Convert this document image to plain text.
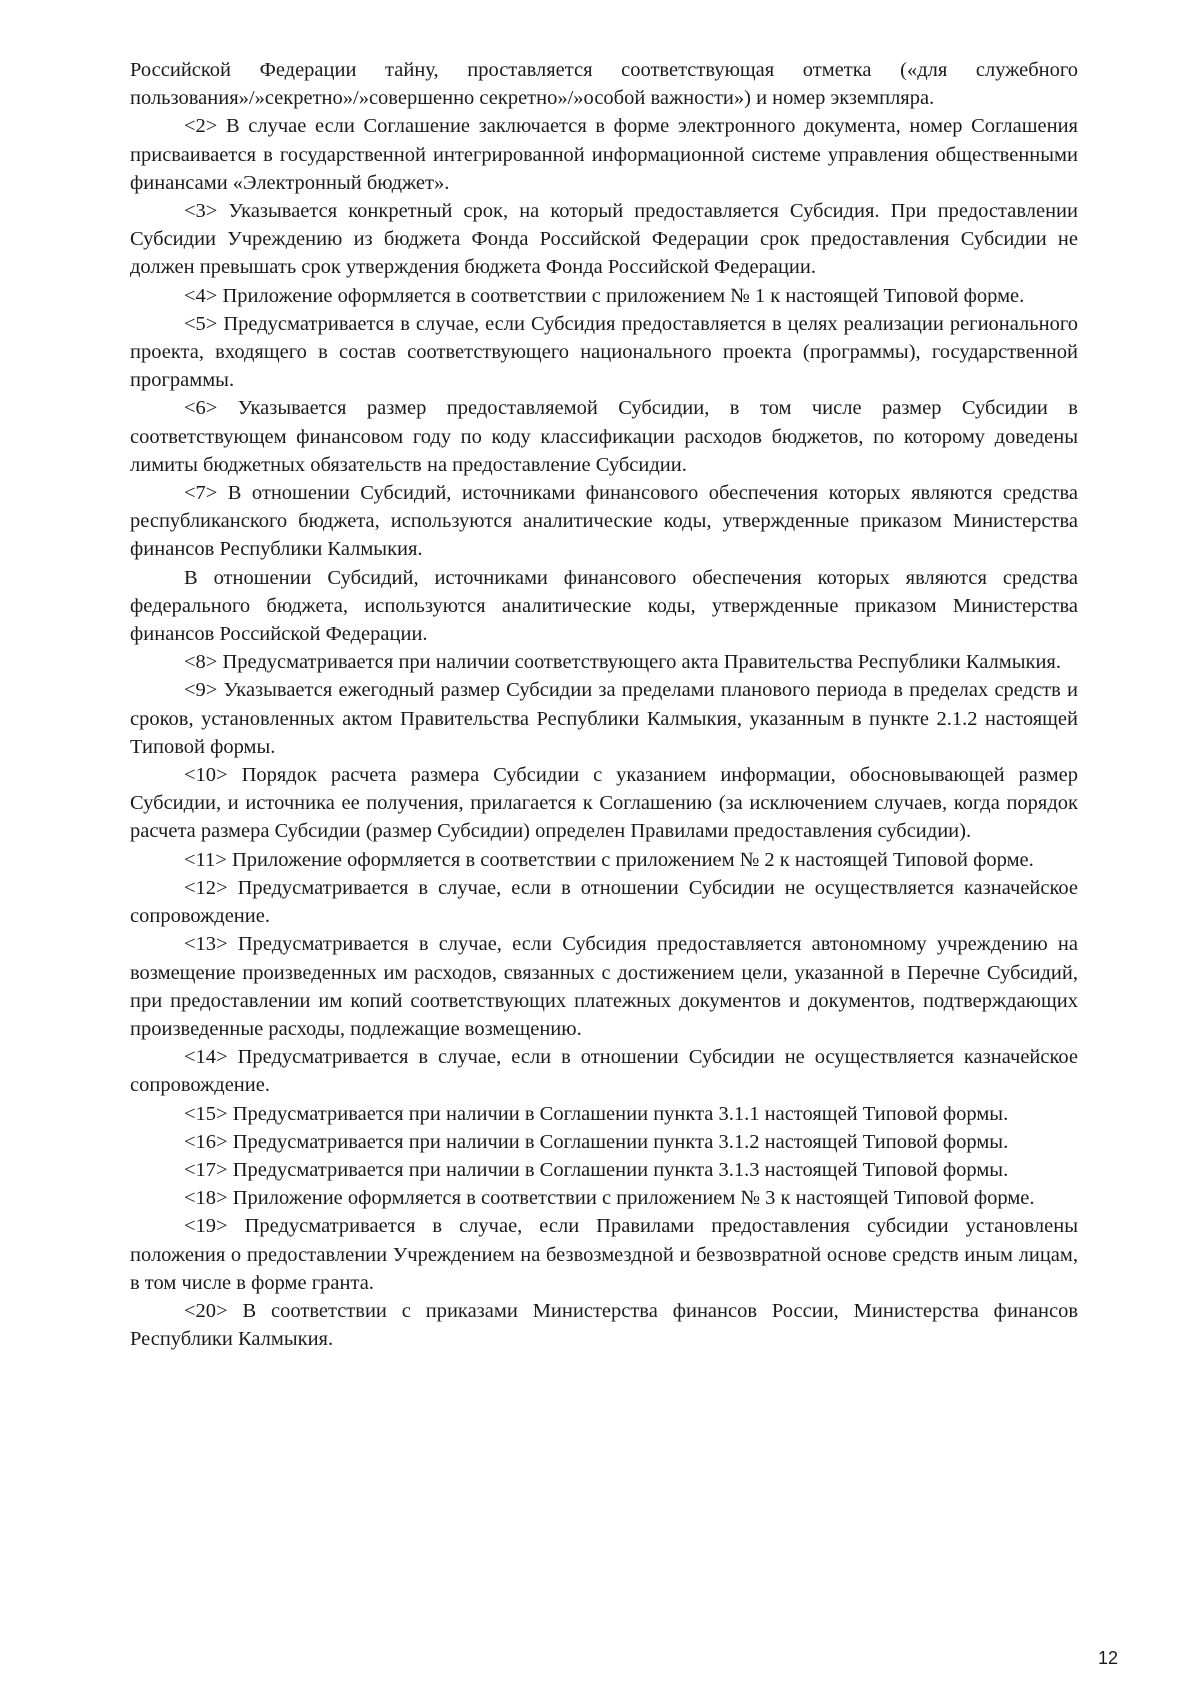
Российской Федерации тайну, проставляется соответствующая отметка («для служебного пользования»/»секретно»/»совершенно секретно»/»особой важности») и номер экземпляра.

<2> В случае если Соглашение заключается в форме электронного документа, номер Соглашения присваивается в государственной интегрированной информационной системе управления общественными финансами «Электронный бюджет».

<3> Указывается конкретный срок, на который предоставляется Субсидия. При предоставлении Субсидии Учреждению из бюджета Фонда Российской Федерации срок предоставления Субсидии не должен превышать срок утверждения бюджета Фонда Российской Федерации.

<4> Приложение оформляется в соответствии с приложением № 1 к настоящей Типовой форме.

<5> Предусматривается в случае, если Субсидия предоставляется в целях реализации регионального проекта, входящего в состав соответствующего национального проекта (программы), государственной программы.

<6> Указывается размер предоставляемой Субсидии, в том числе размер Субсидии в соответствующем финансовом году по коду классификации расходов бюджетов, по которому доведены лимиты бюджетных обязательств на предоставление Субсидии.

<7> В отношении Субсидий, источниками финансового обеспечения которых являются средства республиканского бюджета, используются аналитические коды, утвержденные приказом Министерства финансов Республики Калмыкия.

В отношении Субсидий, источниками финансового обеспечения которых являются средства федерального бюджета, используются аналитические коды, утвержденные приказом Министерства финансов Российской Федерации.

<8> Предусматривается при наличии соответствующего акта Правительства Республики Калмыкия.

<9> Указывается ежегодный размер Субсидии за пределами планового периода в пределах средств и сроков, установленных актом Правительства Республики Калмыкия, указанным в пункте 2.1.2 настоящей Типовой формы.

<10> Порядок расчета размера Субсидии с указанием информации, обосновывающей размер Субсидии, и источника ее получения, прилагается к Соглашению (за исключением случаев, когда порядок расчета размера Субсидии (размер Субсидии) определен Правилами предоставления субсидии).

<11> Приложение оформляется в соответствии с приложением № 2 к настоящей Типовой форме.

<12> Предусматривается в случае, если в отношении Субсидии не осуществляется казначейское сопровождение.

<13> Предусматривается в случае, если Субсидия предоставляется автономному учреждению на возмещение произведенных им расходов, связанных с достижением цели, указанной в Перечне Субсидий, при предоставлении им копий соответствующих платежных документов и документов, подтверждающих произведенные расходы, подлежащие возмещению.

<14> Предусматривается в случае, если в отношении Субсидии не осуществляется казначейское сопровождение.

<15> Предусматривается при наличии в Соглашении пункта 3.1.1 настоящей Типовой формы.

<16> Предусматривается при наличии в Соглашении пункта 3.1.2 настоящей Типовой формы.

<17> Предусматривается при наличии в Соглашении пункта 3.1.3 настоящей Типовой формы.

<18> Приложение оформляется в соответствии с приложением № 3 к настоящей Типовой форме.

<19> Предусматривается в случае, если Правилами предоставления субсидии установлены положения о предоставлении Учреждением на безвозмездной и безвозвратной основе средств иным лицам, в том числе в форме гранта.

<20> В соответствии с приказами Министерства финансов России, Министерства финансов Республики Калмыкия.

12
